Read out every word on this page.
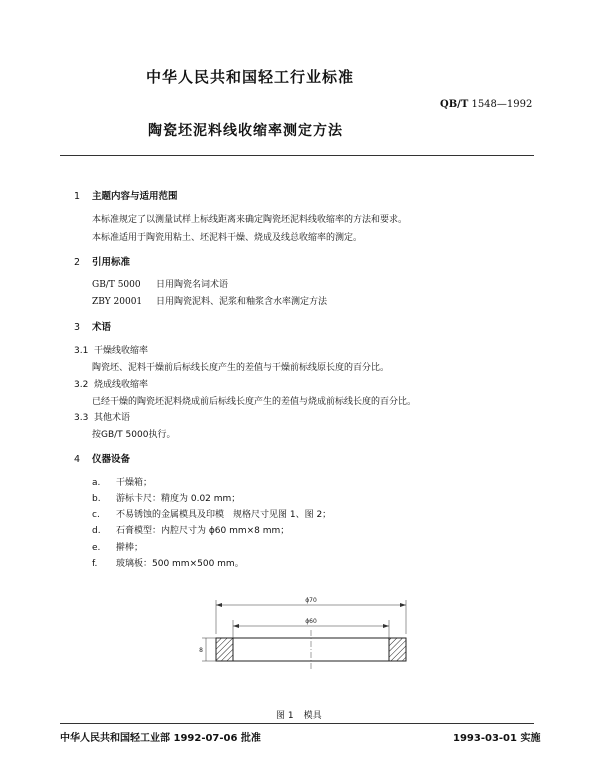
中华人民共和国轻工行业标准
QB/T 1548—1992
陶瓷坯泥料线收缩率测定方法
1 主题内容与适用范围
本标准规定了以测量试样上标线距离来确定陶瓷坯泥料线收缩率的方法和要求。
本标准适用于陶瓷用粘土、坯泥料干燥、烧成及线总收缩率的测定。
2 引用标准
GB/T 5000 日用陶瓷名词术语
ZBY 20001 日用陶瓷泥料、泥浆和釉浆含水率测定方法
3 术语
3.1 干燥线收缩率
陶瓷坯、泥料干燥前后标线长度产生的差值与干燥前标线原长度的百分比。
3.2 烧成线收缩率
已经干燥的陶瓷坯泥料烧成前后标线长度产生的差值与烧成前标线长度的百分比。
3.3 其他术语
按GB/T 5000执行。
4 仪器设备
a. 干燥箱；
b. 游标卡尺：精度为 0.02 mm；
c. 不易锈蚀的金属模具及印模　规格尺寸见图 1、图 2；
d. 石膏模型：内腔尺寸为 ϕ60 mm×8 mm；
e. 擀棒；
f. 玻璃板：500 mm×500 mm。
ϕ70
ϕ60
8
图 1 模具
中华人民共和国轻工业部 1992-07-06 批准	1993-03-01 实施
